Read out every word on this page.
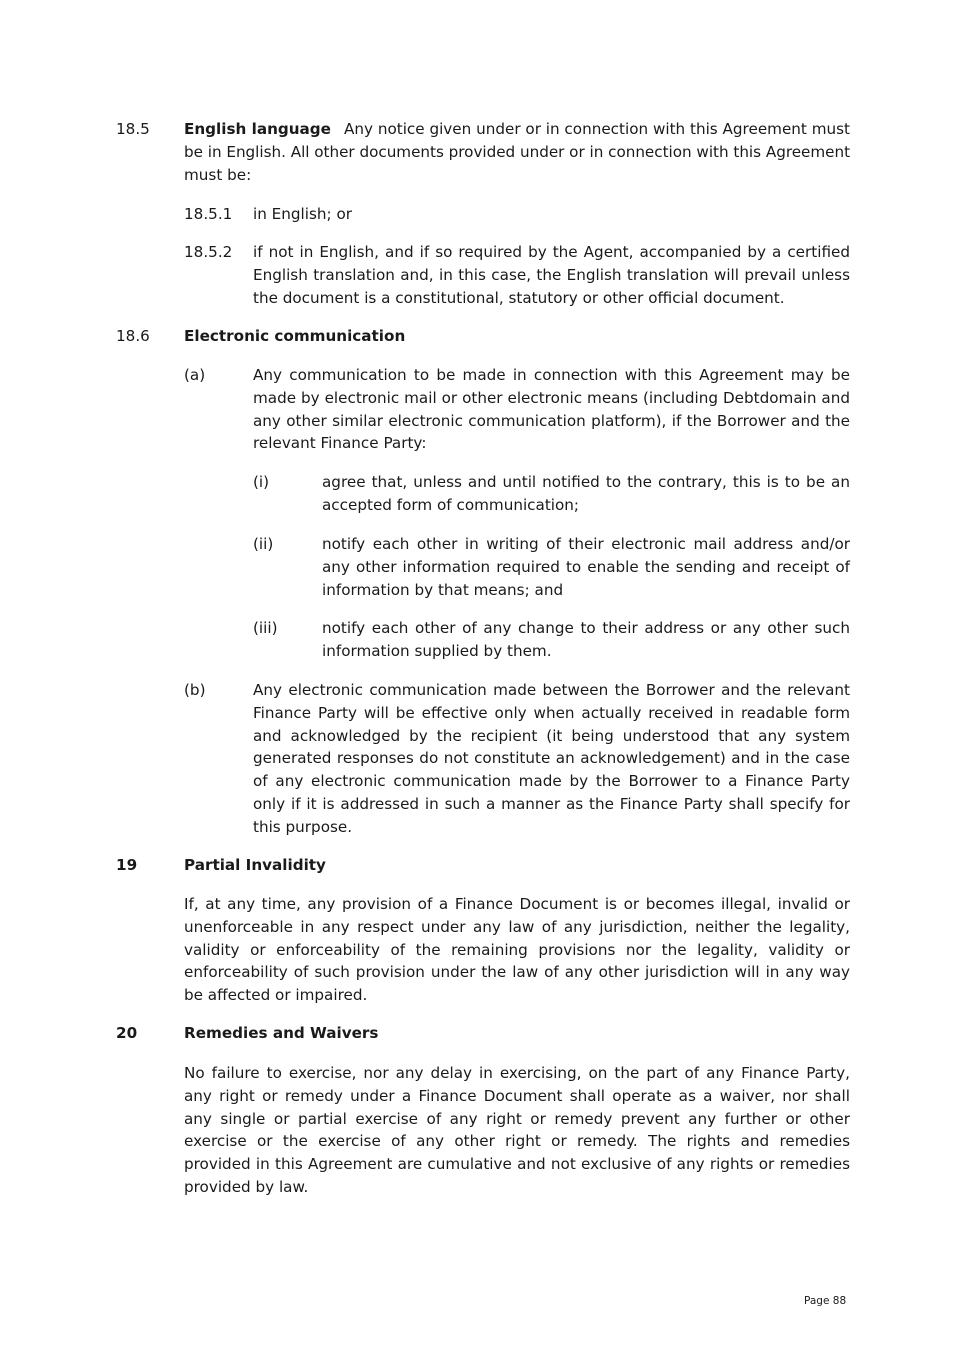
18.5 English language Any notice given under or in connection with this Agreement must
be in English. All other documents provided under or in connection with this Agreement
must be:
18.5.1 in English; or
18.5.2 if not in English, and if so required by the Agent, accompanied by a certified
English translation and, in this case, the English translation will prevail unless
the document is a constitutional, statutory or other official document.
18.6 Electronic communication
(a)	Any communication to be made in connection with this Agreement may be
made by electronic mail or other electronic means (including Debtdomain and
any other similar electronic communication platform), if the Borrower and the
relevant Finance Party:
(i)	agree that, unless and until notified to the contrary, this is to be an
accepted form of communication;
(ii)	notify each other in writing of their electronic mail address and/or
any other information required to enable the sending and receipt of
information by that means; and
(iii)	notify each other of any change to their address or any other such
information supplied by them.
(b)	Any electronic communication made between the Borrower and the relevant
Finance Party will be effective only when actually received in readable form
and acknowledged by the recipient (it being understood that any system
generated responses do not constitute an acknowledgement) and in the case
of any electronic communication made by the Borrower to a Finance Party
only if it is addressed in such a manner as the Finance Party shall specify for
this purpose.
19	Partial Invalidity
If, at any time, any provision of a Finance Document is or becomes illegal, invalid or
unenforceable in any respect under any law of any jurisdiction, neither the legality,
validity or enforceability of the remaining provisions nor the legality, validity or
enforceability of such provision under the law of any other jurisdiction will in any way
be affected or impaired.
20	Remedies and Waivers
No failure to exercise, nor any delay in exercising, on the part of any Finance Party,
any right or remedy under a Finance Document shall operate as a waiver, nor shall
any single or partial exercise of any right or remedy prevent any further or other
exercise or the exercise of any other right or remedy. The rights and remedies
provided in this Agreement are cumulative and not exclusive of any rights or remedies
provided by law.
Page 88
